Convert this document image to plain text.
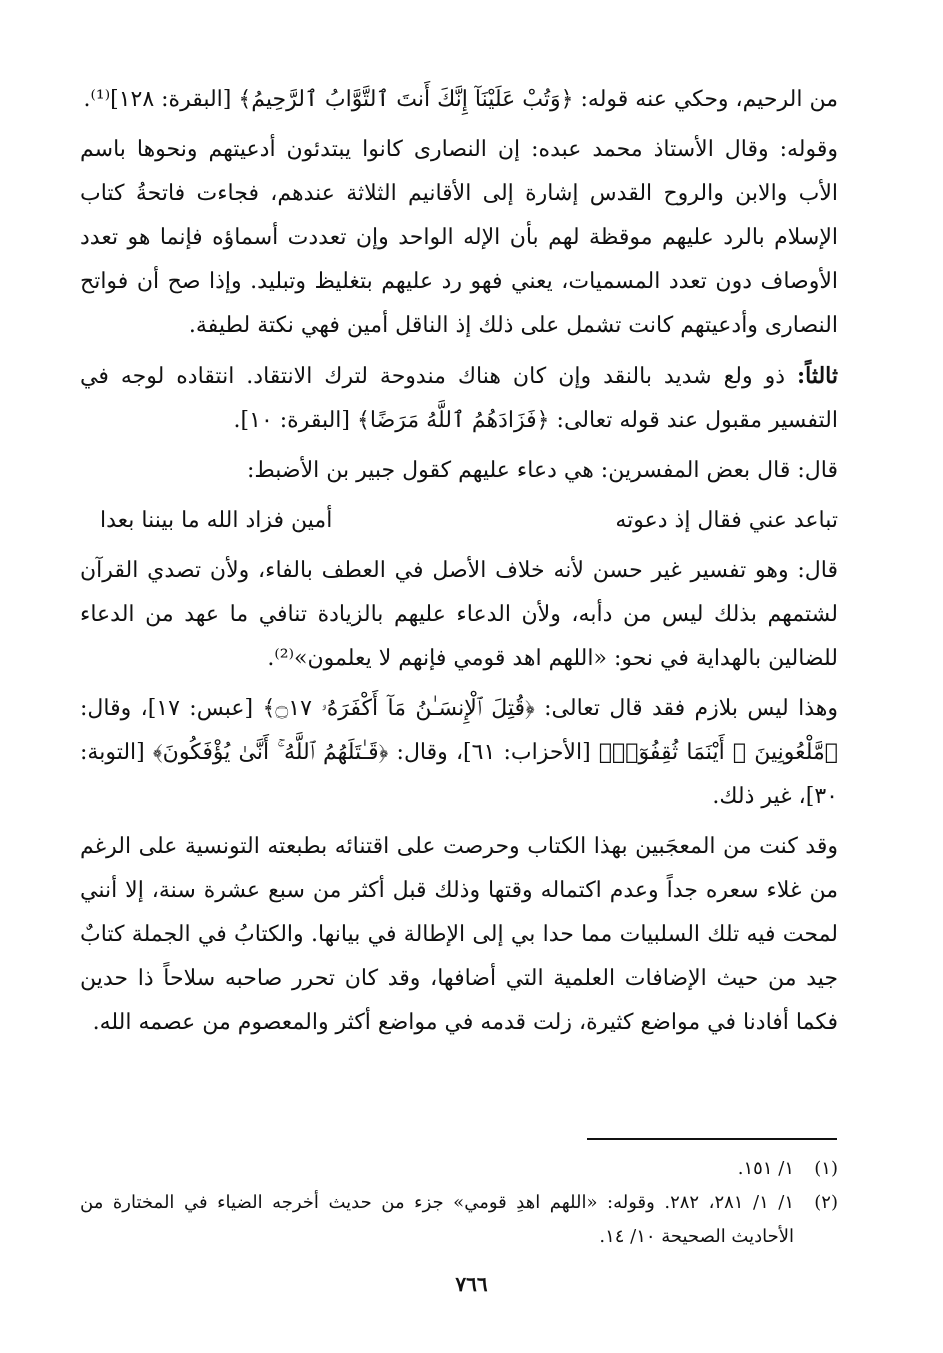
من الرحيم، وحكي عنه قوله: ﴿وَتُبْ عَلَيْنَآ إِنَّكَ أَنتَ ٱلتَّوَّابُ ٱلرَّحِيمُ﴾ [البقرة: ١٢٨]⁽¹⁾.

وقوله: وقال الأستاذ محمد عبده: إن النصارى كانوا يبتدئون أدعيتهم ونحوها باسم الأب والابن والروح القدس إشارة إلى الأقانيم الثلاثة عندهم، فجاءت فاتحةُ كتاب الإسلام بالرد عليهم موقظة لهم بأن الإله الواحد وإن تعددت أسماؤه فإنما هو تعدد الأوصاف دون تعدد المسميات، يعني فهو رد عليهم بتغليظ وتبليد. وإذا صح أن فواتح النصارى وأدعيتهم كانت تشمل على ذلك إذ الناقل أمين فهي نكتة لطيفة.

ثالثاً: ذو ولع شديد بالنقد وإن كان هناك مندوحة لترك الانتقاد. انتقاده لوجه في التفسير مقبول عند قوله تعالى: ﴿فَزَادَهُمُ ٱللَّهُ مَرَضًا﴾ [البقرة: ١٠].

قال: قال بعض المفسرين: هي دعاء عليهم كقول جبير بن الأضبط:

تباعد عني فقال إذ دعوته
أمين فزاد الله ما بيننا بعدا

قال: وهو تفسير غير حسن لأنه خلاف الأصل في العطف بالفاء، ولأن تصدي القرآن لشتمهم بذلك ليس من دأبه، ولأن الدعاء عليهم بالزيادة تنافي ما عهد من الدعاء للضالين بالهداية في نحو: «اللهم اهد قومي فإنهم لا يعلمون»⁽²⁾.

وهذا ليس بلازم فقد قال تعالى: ﴿قُتِلَ ٱلْإِنسَـٰنُ مَآ أَكْفَرَهُۥ ۝١٧﴾ [عبس: ١٧]، وقال: ﴿مَّلْعُونِينَ ۖ أَيْنَمَا ثُقِفُوٓا۟﴾ [الأحزاب: ٦١]، وقال: ﴿قَـٰتَلَهُمُ ٱللَّهُ ۚ أَنَّىٰ يُؤْفَكُونَ﴾ [التوبة: ٣٠]، غير ذلك.

وقد كنت من المعجَبين بهذا الكتاب وحرصت على اقتنائه بطبعته التونسية على الرغم من غلاء سعره جداً وعدم اكتماله وقتها وذلك قبل أكثر من سبع عشرة سنة، إلا أنني لمحت فيه تلك السلبيات مما حدا بي إلى الإطالة في بيانها. والكتابُ في الجملة كتابٌ جيد من حيث الإضافات العلمية التي أضافها، وقد كان تحرر صاحبه سلاحاً ذا حدين فكما أفادنا في مواضع كثيرة، زلت قدمه في مواضع أكثر والمعصوم من عصمه الله.

(١)
١/ ١٥١.
(٢)
١/ ١/ ٢٨١، ٢٨٢. وقوله: «اللهم اهدِ قومي» جزء من حديث أخرجه الضياء في المختارة من الأحاديث الصحيحة ١٠/ ١٤.
٧٦٦
